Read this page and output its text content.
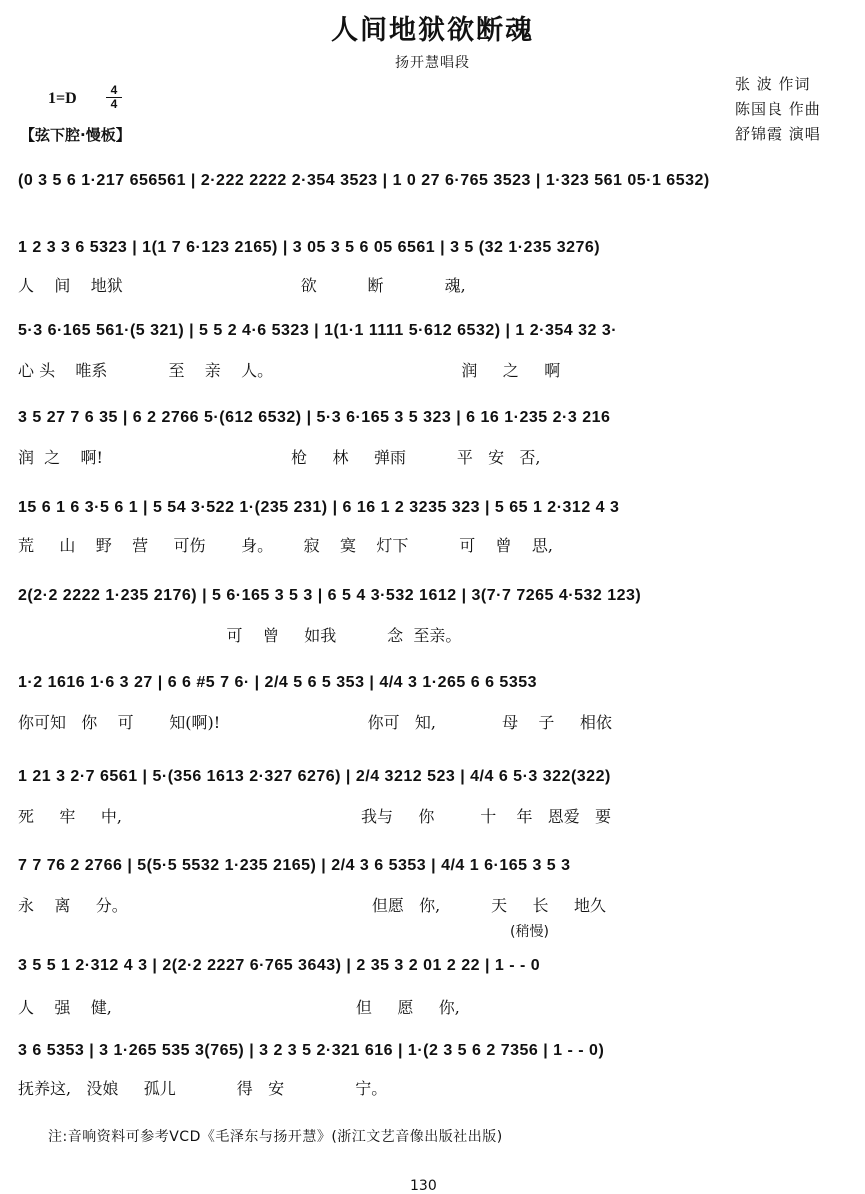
人间地狱欲断魂
扬开慧唱段
1=D	4
4
【弦下腔·慢板】
张 波 作词
陈国良 作曲
舒锦霞 演唱
(0 3 5 6 1·217 656561 | 2·222 2222 2·354 3523 | 1 0 27 6·765 3523 | 1·323 561 05·1 6532)
1 2 3 3 6 5323 | 1(1 7 6·123 2165) | 3 05 3 5 6 05 6561 | 3 5 (32 1·235 3276)
人    间    地狱                                   欲          断            魂,
5·3 6·165 561·(5 321) | 5 5 2 4·6 5323 | 1(1·1 1111 5·612 6532) | 1 2·354 32 3·
心 头    唯系            至    亲    人。                                     润     之     啊
3 5 27 7 6 35 | 6 2 2766 5·(612 6532) | 5·3 6·165 3 5 323 | 6 16 1·235 2·3 216
润  之    啊!                                     枪     林     弹雨          平   安   否,
15 6 1 6 3·5 6 1 | 5 54 3·522 1·(235 231) | 6 16 1 2 3235 323 | 5 65 1 2·312 4 3
荒     山    野    营     可伤       身。      寂    寞    灯下          可    曾    思,
2(2·2 2222 1·235 2176) | 5 6·165 3 5 3 | 6 5 4 3·532 1612 | 3(7·7 7265 4·532 123)
可    曾     如我          念  至亲。
1·2 1616 1·6 3 27 | 6 6 #5 7 6· | 2/4 5 6 5 353 | 4/4 3 1·265 6 6 5353
你可知   你    可       知(啊)!                             你可   知,             母    子     相依
1 21 3 2·7 6561 | 5·(356 1613 2·327 6276) | 2/4 3212 523 | 4/4 6 5·3 322(322)
死     牢     中,                                               我与     你         十    年   恩爱   要
7 7 76 2 2766 | 5(5·5 5532 1·235 2165) | 2/4 3 6 5353 | 4/4 1 6·165 3 5 3
永    离     分。                                                但愿   你,          天     长     地久
(稍慢)
3 5 5 1 2·312 4 3 | 2(2·2 2227 6·765 3643) | 2 35 3 2 01 2 22 | 1 - - 0
人    强    健,                                                但     愿     你,
3 6 5353 | 3 1·265 535 3(765) | 3 2 3 5 2·321 616 | 1·(2 3 5 6 2 7356 | 1 - - 0)
抚养这,   没娘     孤儿            得   安              宁。
注:音响资料可参考VCD《毛泽东与扬开慧》(浙江文艺音像出版社出版)
130
